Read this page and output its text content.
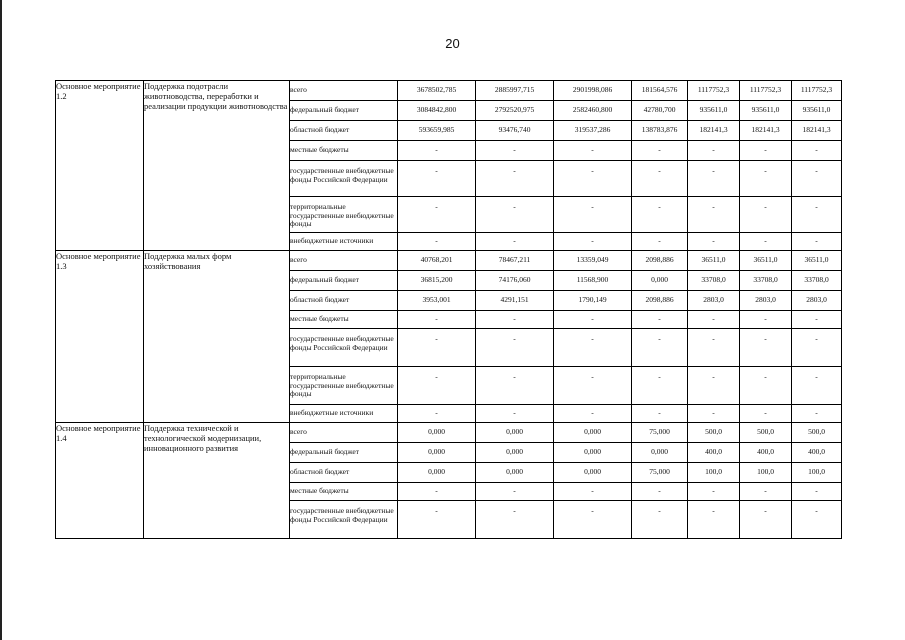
20
Основное мероприятие 1.2	Поддержка подотрасли животноводства, переработки и реализации продукции животноводства	всего	3678502,785	2885997,715	2901998,086	181564,576	1117752,3	1117752,3	1117752,3

		федеральный бюджет	3084842,800	2792520,975	2582460,800	42780,700	935611,0	935611,0	935611,0

		областной бюджет	593659,985	93476,740	319537,286	138783,876	182141,3	182141,3	182141,3

		местные бюджеты	-	-	-	-	-	-	-

		государственные внебюджетные фонды Российской Федерации	-	-	-	-	-	-	-

		территориальные государственные внебюджетные фонды	-	-	-	-	-	-	-

		внебюджетные источники	-	-	-	-	-	-	-

Основное мероприятие 1.3	Поддержка малых форм хозяйствования	всего	40768,201	78467,211	13359,049	2098,886	36511,0	36511,0	36511,0

		федеральный бюджет	36815,200	74176,060	11568,900	0,000	33708,0	33708,0	33708,0

		областной бюджет	3953,001	4291,151	1790,149	2098,886	2803,0	2803,0	2803,0

		местные бюджеты	-	-	-	-	-	-	-

		государственные внебюджетные фонды Российской Федерации	-	-	-	-	-	-	-

		территориальные государственные внебюджетные фонды	-	-	-	-	-	-	-

		внебюджетные источники	-	-	-	-	-	-	-

Основное мероприятие 1.4	Поддержка технической и технологической модернизации, инновационного развития	всего	0,000	0,000	0,000	75,000	500,0	500,0	500,0

		федеральный бюджет	0,000	0,000	0,000	0,000	400,0	400,0	400,0

		областной бюджет	0,000	0,000	0,000	75,000	100,0	100,0	100,0

		местные бюджеты	-	-	-	-	-	-	-

		государственные внебюджетные фонды Российской Федерации	-	-	-	-	-	-	-
